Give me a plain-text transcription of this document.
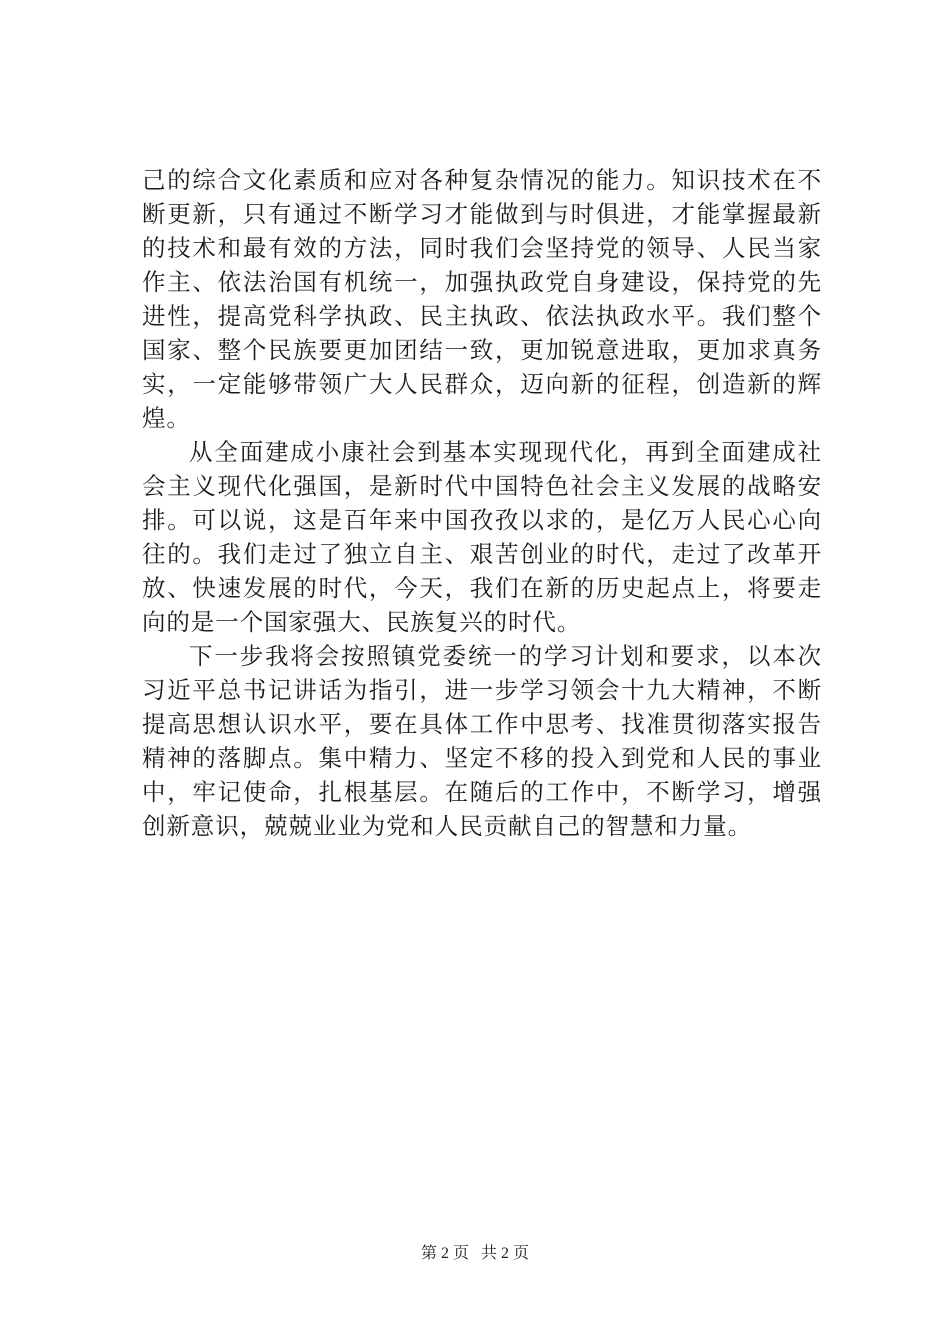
己的综合文化素质和应对各种复杂情况的能力。知识技术在不断更新，只有通过不断学习才能做到与时俱进，才能掌握最新的技术和最有效的方法，同时我们会坚持党的领导、人民当家作主、依法治国有机统一，加强执政党自身建设，保持党的先进性，提高党科学执政、民主执政、依法执政水平。我们整个国家、整个民族要更加团结一致，更加锐意进取，更加求真务实，一定能够带领广大人民群众，迈向新的征程，创造新的辉煌。

从全面建成小康社会到基本实现现代化，再到全面建成社会主义现代化强国，是新时代中国特色社会主义发展的战略安排。可以说，这是百年来中国孜孜以求的，是亿万人民心心向往的。我们走过了独立自主、艰苦创业的时代，走过了改革开放、快速发展的时代，今天，我们在新的历史起点上，将要走向的是一个国家强大、民族复兴的时代。

下一步我将会按照镇党委统一的学习计划和要求，以本次习近平总书记讲话为指引，进一步学习领会十九大精神，不断提高思想认识水平，要在具体工作中思考、找准贯彻落实报告精神的落脚点。集中精力、坚定不移的投入到党和人民的事业中，牢记使命，扎根基层。在随后的工作中，不断学习，增强创新意识，兢兢业业为党和人民贡献自己的智慧和力量。

第 2 页 共 2 页
